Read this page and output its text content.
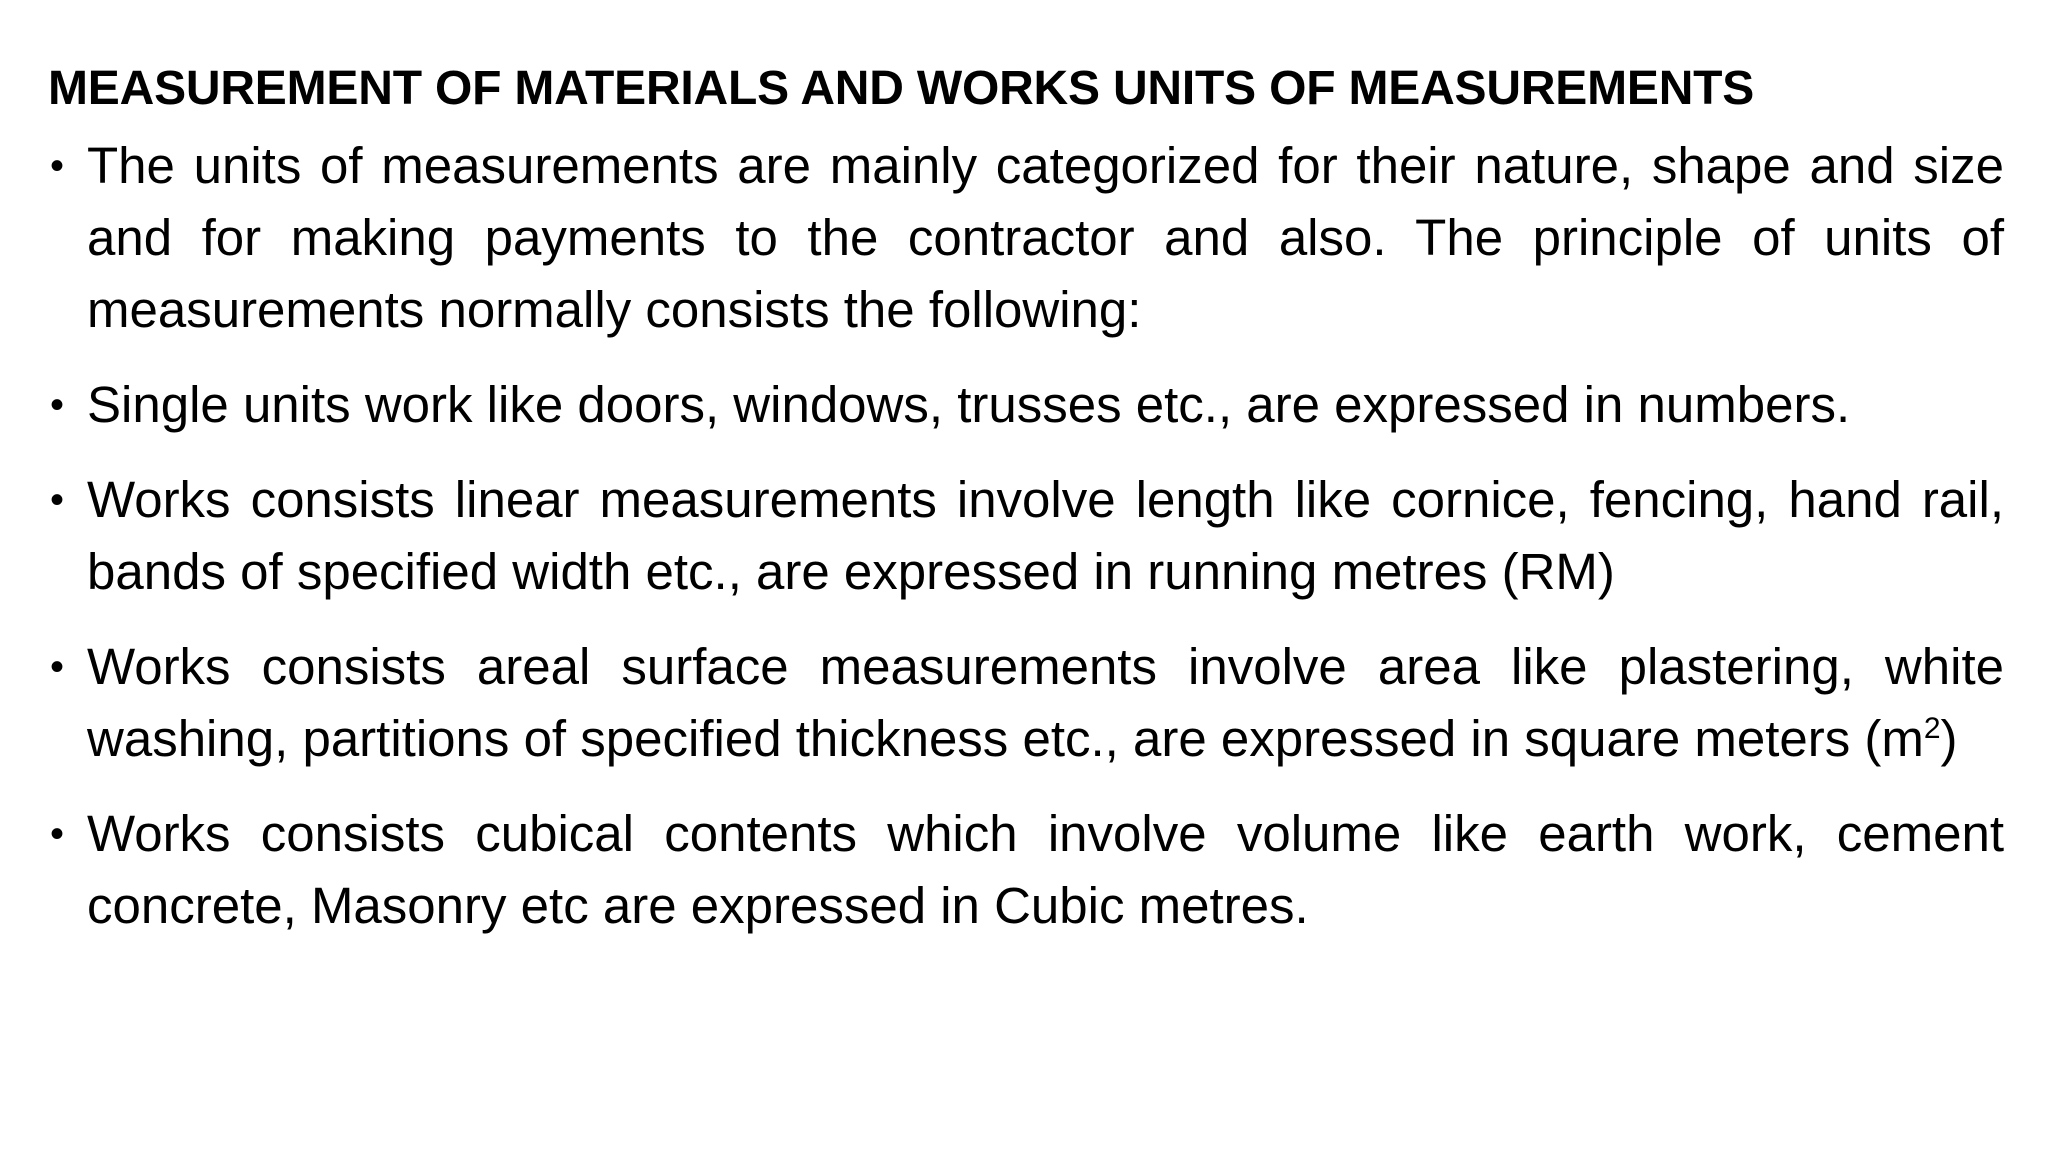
MEASUREMENT OF MATERIALS AND WORKS UNITS OF MEASUREMENTS
• The units of measurements are mainly categorized for their nature, shape and size and for making payments to the contractor and also. The principle of units of measurements normally consists the following:
• Single units work like doors, windows, trusses etc., are expressed in numbers.
• Works consists linear measurements involve length like cornice, fencing, hand rail, bands of specified width etc., are expressed in running metres (RM)
• Works consists areal surface measurements involve area like plastering, white washing, partitions of specified thickness etc., are expressed in square meters $(m^2)$
• Works consists cubical contents which involve volume like earth work, cement concrete, Masonry etc are expressed in Cubic metres.
